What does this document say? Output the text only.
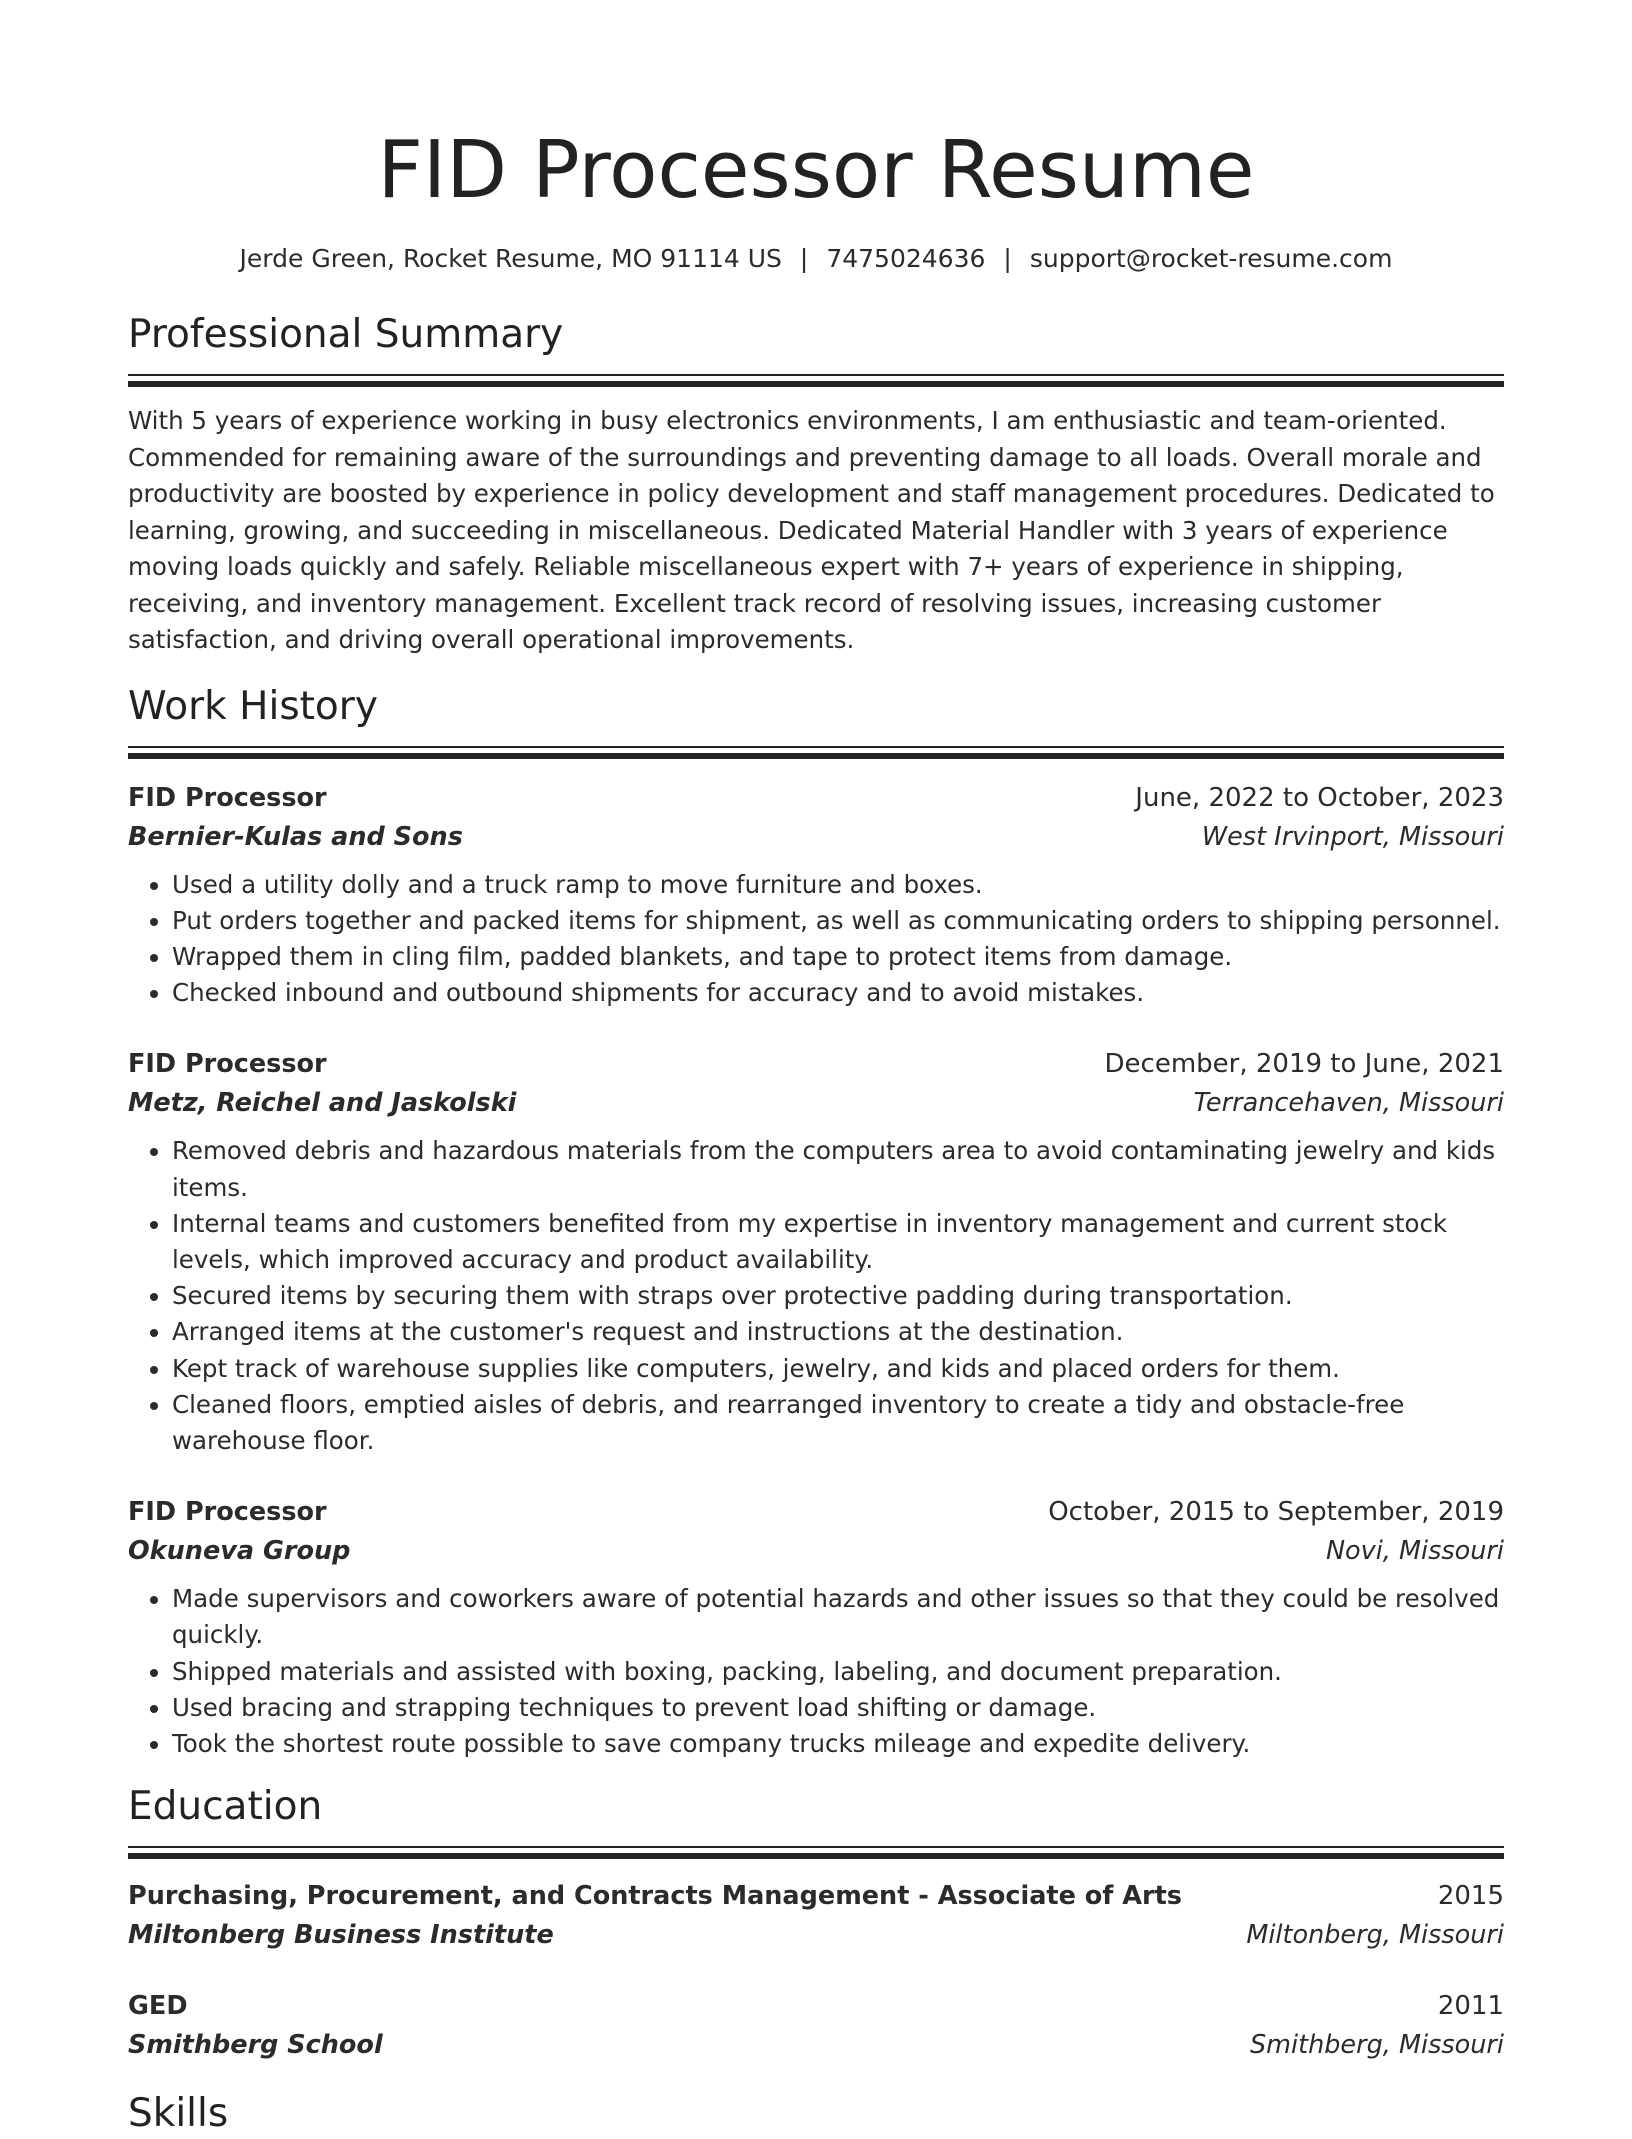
FID Processor Resume
Jerde Green, Rocket Resume, MO 91114 US | 7475024636 | support@rocket-resume.com
Professional Summary
With 5 years of experience working in busy electronics environments, I am enthusiastic and team-oriented. Commended for remaining aware of the surroundings and preventing damage to all loads. Overall morale and productivity are boosted by experience in policy development and staff management procedures. Dedicated to learning, growing, and succeeding in miscellaneous. Dedicated Material Handler with 3 years of experience moving loads quickly and safely. Reliable miscellaneous expert with 7+ years of experience in shipping, receiving, and inventory management. Excellent track record of resolving issues, increasing customer satisfaction, and driving overall operational improvements.
Work History
FID Processor	June, 2022 to October, 2023
Bernier-Kulas and Sons	West Irvinport, Missouri
• Used a utility dolly and a truck ramp to move furniture and boxes.
• Put orders together and packed items for shipment, as well as communicating orders to shipping personnel.
• Wrapped them in cling film, padded blankets, and tape to protect items from damage.
• Checked inbound and outbound shipments for accuracy and to avoid mistakes.
FID Processor	December, 2019 to June, 2021
Metz, Reichel and Jaskolski	Terrancehaven, Missouri
• Removed debris and hazardous materials from the computers area to avoid contaminating jewelry and kids items.
• Internal teams and customers benefited from my expertise in inventory management and current stock levels, which improved accuracy and product availability.
• Secured items by securing them with straps over protective padding during transportation.
• Arranged items at the customer's request and instructions at the destination.
• Kept track of warehouse supplies like computers, jewelry, and kids and placed orders for them.
• Cleaned floors, emptied aisles of debris, and rearranged inventory to create a tidy and obstacle-free warehouse floor.
FID Processor	October, 2015 to September, 2019
Okuneva Group	Novi, Missouri
• Made supervisors and coworkers aware of potential hazards and other issues so that they could be resolved quickly.
• Shipped materials and assisted with boxing, packing, labeling, and document preparation.
• Used bracing and strapping techniques to prevent load shifting or damage.
• Took the shortest route possible to save company trucks mileage and expedite delivery.
Education
Purchasing, Procurement, and Contracts Management - Associate of Arts	2015
Miltonberg Business Institute	Miltonberg, Missouri
GED	2011
Smithberg School	Smithberg, Missouri
Skills
